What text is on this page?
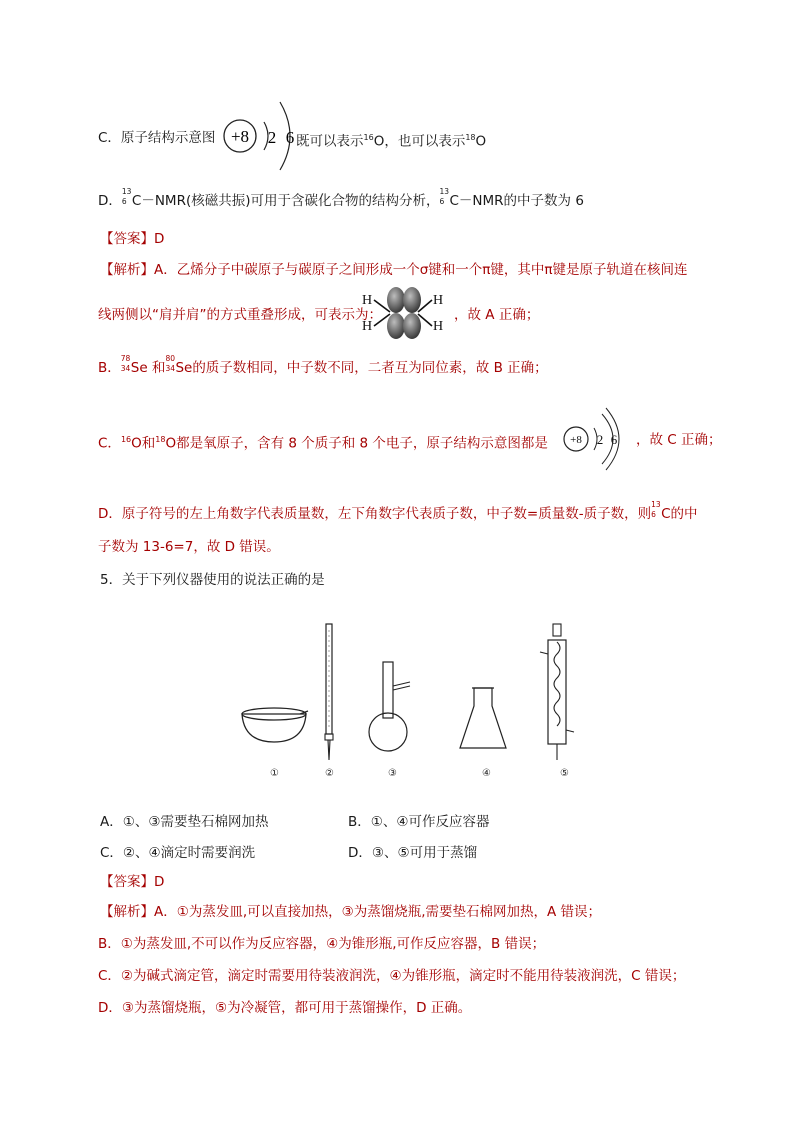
C．原子结构示意图 +8 2 6 既可以表示$^{16}$O，也可以表示$^{18}$O
D．
13
6 C－NMR(核磁共振)可用于含碳化合物的结构分析，
13
6 C－NMR的中子数为 6
【答案】D
【解析】A．乙烯分子中碳原子与碳原子之间形成一个σ键和一个π键，其中π键是原子轨道在核间连
线两侧以“肩并肩”的方式重叠形成，可表示为：
H
H
H
H
，故 A 正确；
B．
78
34 Se 和
80
34 Se的质子数相同，中子数不同，二者互为同位素，故 B 正确；
C．$^{16}$O和$^{18}$O都是氧原子，含有 8 个质子和 8 个电子，原子结构示意图都是 +8 2 6 ，故 C 正确；
D．原子符号的左上角数字代表质量数，左下角数字代表质子数，中子数=质量数-质子数，则
13
6 C的中
子数为 13-6=7，故 D 错误。
5．关于下列仪器使用的说法正确的是
①	②	③	④	⑤
A．①、③需要垫石棉网加热	B．①、④可作反应容器
C．②、④滴定时需要润洗	D．③、⑤可用于蒸馏
【答案】D
【解析】A．①为蒸发皿,可以直接加热，③为蒸馏烧瓶,需要垫石棉网加热，A 错误；
B．①为蒸发皿,不可以作为反应容器，④为锥形瓶,可作反应容器，B 错误；
C．②为碱式滴定管，滴定时需要用待装液润洗，④为锥形瓶，滴定时不能用待装液润洗，C 错误；
D．③为蒸馏烧瓶，⑤为冷凝管，都可用于蒸馏操作，D 正确。
